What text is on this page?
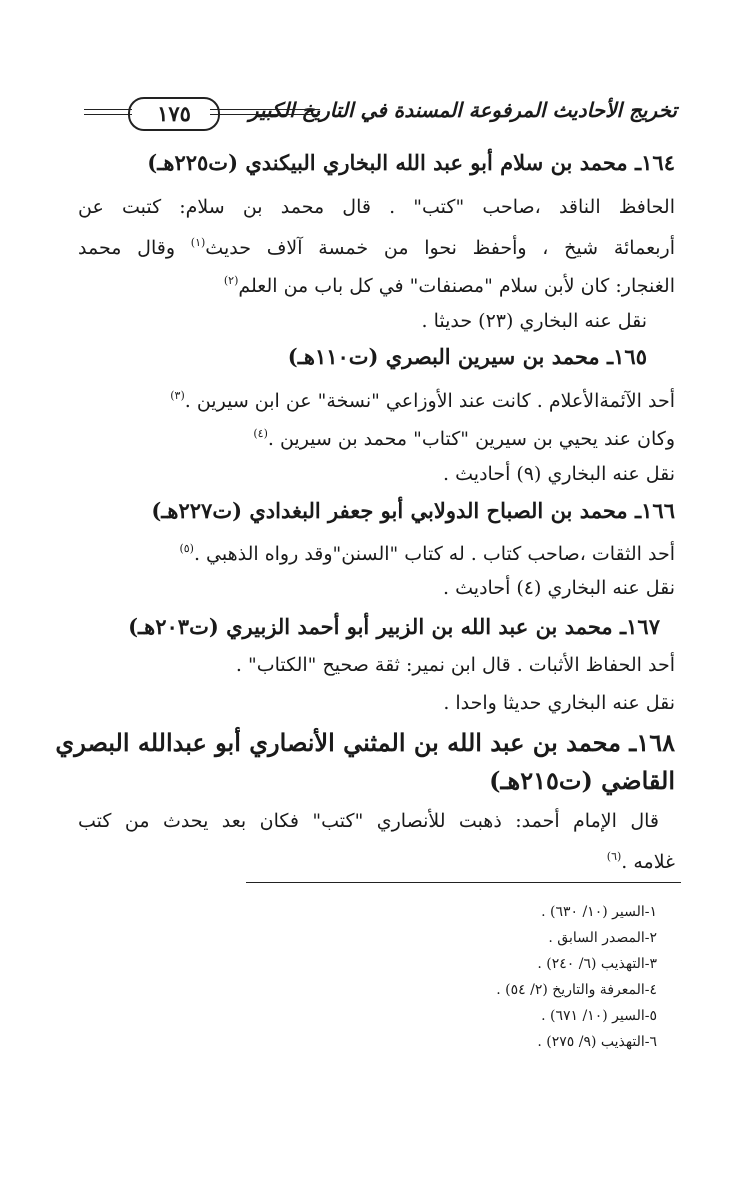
تخريج الأحاديث المرفوعة المسندة في التاريخ الكبير
١٧٥
١٦٤ـ محمد بن سلام أبو عبد الله البخاري البيكندي (ت٢٢٥هـ)
الحافظ الناقد ،صاحب "كتب" . قال محمد بن سلام: كتبت عن
أربعمائة شيخ ، وأحفظ نحوا من خمسة آلاف حديث$^{(١)}$ وقال محمد
الغنجار: كان لأبن سلام "مصنفات" في كل باب من العلم$^{(٢)}$
نقل عنه البخاري (٢٣) حديثا .
١٦٥ـ محمد بن سيرين البصري (ت١١٠هـ)
أحد الآئمةالأعلام . كانت عند الأوزاعي "نسخة" عن ابن سيرين .$^{(٣)}$
وكان عند يحيي بن سيرين "كتاب" محمد بن سيرين .$^{(٤)}$
نقل عنه البخاري (٩) أحاديث .
١٦٦ـ محمد بن الصباح الدولابي أبو جعفر البغدادي (ت٢٢٧هـ)
أحد الثقات ،صاحب كتاب . له كتاب "السنن"وقد رواه الذهبي .$^{(٥)}$
نقل عنه البخاري (٤) أحاديث .
١٦٧ـ محمد بن عبد الله بن الزبير أبو أحمد الزبيري (ت٢٠٣هـ)
أحد الحفاظ الأثبات . قال ابن نمير: ثقة صحيح "الكتاب" .
نقل عنه البخاري حديثا واحدا .
١٦٨ـ محمد بن عبد الله بن المثني الأنصاري أبو عبدالله البصري
القاضي (ت٢١٥هـ)
قال الإمام أحمد: ذهبت للأنصاري "كتب" فكان بعد يحدث من كتب
غلامه .$^{(٦)}$
١-السير (١٠/ ٦٣٠) .
٢-المصدر السابق .
٣-التهذيب (٦/ ٢٤٠) .
٤-المعرفة والتاريخ (٢/ ٥٤) .
٥-السير (١٠/ ٦٧١) .
٦-التهذيب (٩/ ٢٧٥) .
